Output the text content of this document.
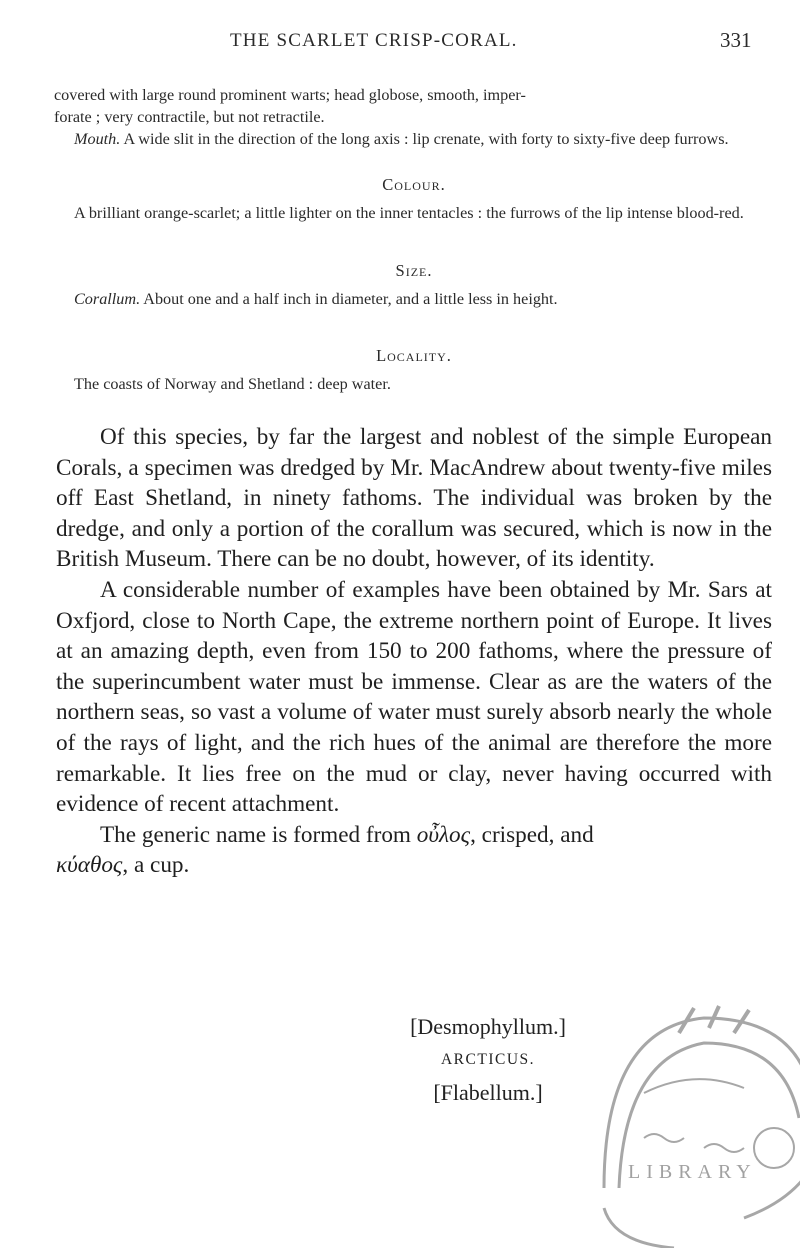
THE SCARLET CRISP-CORAL.	331

covered with large round prominent warts; head globose, smooth, imper-

forate ; very contractile, but not retractile.

Mouth. A wide slit in the direction of the long axis : lip crenate, with forty to sixty-five deep furrows.

Colour.

A brilliant orange-scarlet; a little lighter on the inner tentacles : the furrows of the lip intense blood-red.

Size.

Corallum. About one and a half inch in diameter, and a little less in height.

Locality.

The coasts of Norway and Shetland : deep water.

Of this species, by far the largest and noblest of the simple European Corals, a specimen was dredged by Mr. MacAndrew about twenty-five miles off East Shetland, in ninety fathoms. The individual was broken by the dredge, and only a portion of the corallum was secured, which is now in the British Museum. There can be no doubt, however, of its identity.

A considerable number of examples have been obtained by Mr. Sars at Oxfjord, close to North Cape, the extreme northern point of Europe. It lives at an amazing depth, even from 150 to 200 fathoms, where the pressure of the superincumbent water must be immense. Clear as are the waters of the northern seas, so vast a volume of water must surely absorb nearly the whole of the rays of light, and the rich hues of the animal are therefore the more remarkable. It lies free on the mud or clay, never having occurred with evidence of recent attachment.

The generic name is formed from οὖλος, crisped, and
κύαθος, a cup.

[Desmophyllum.]
ARCTICUS.
[Flabellum.]
LIBRARY
